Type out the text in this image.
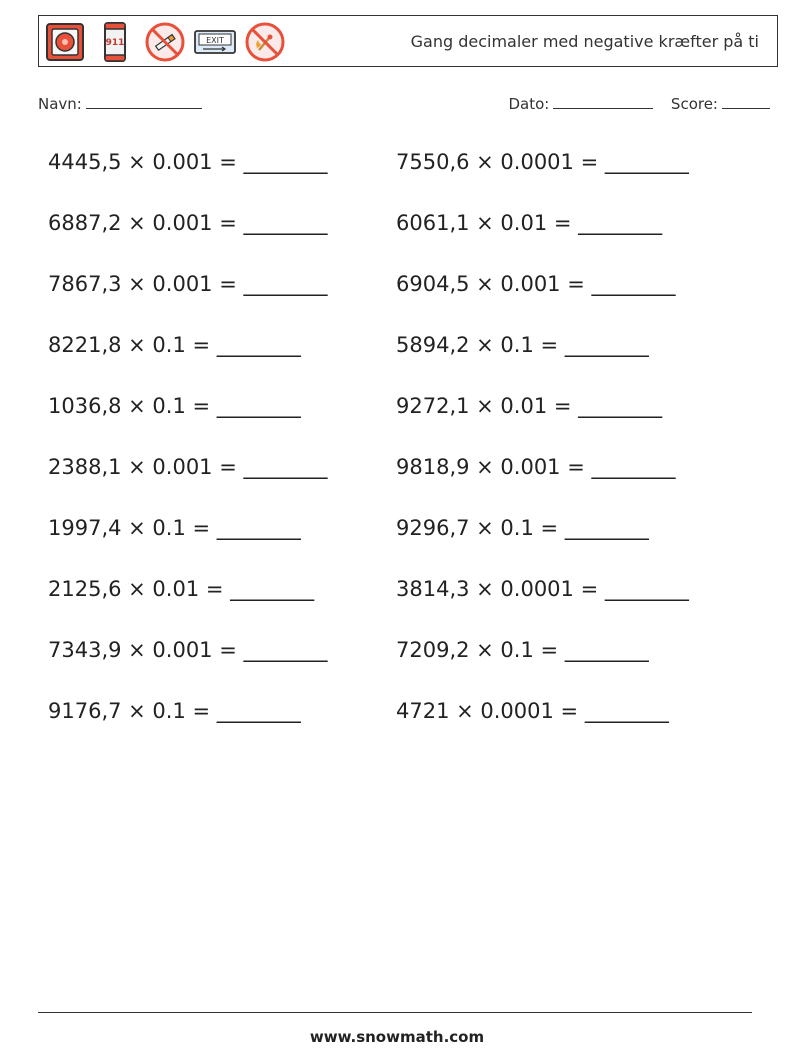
911	EXIT	Gang decimaler med negative kræfter på ti
Navn:	Dato:	Score:
4445,5 × 0.001 = ________	7550,6 × 0.0001 = ________
6887,2 × 0.001 = ________	6061,1 × 0.01 = ________
7867,3 × 0.001 = ________	6904,5 × 0.001 = ________
8221,8 × 0.1 = ________	5894,2 × 0.1 = ________
1036,8 × 0.1 = ________	9272,1 × 0.01 = ________
2388,1 × 0.001 = ________	9818,9 × 0.001 = ________
1997,4 × 0.1 = ________	9296,7 × 0.1 = ________
2125,6 × 0.01 = ________	3814,3 × 0.0001 = ________
7343,9 × 0.001 = ________	7209,2 × 0.1 = ________
9176,7 × 0.1 = ________	4721 × 0.0001 = ________
www.snowmath.com
